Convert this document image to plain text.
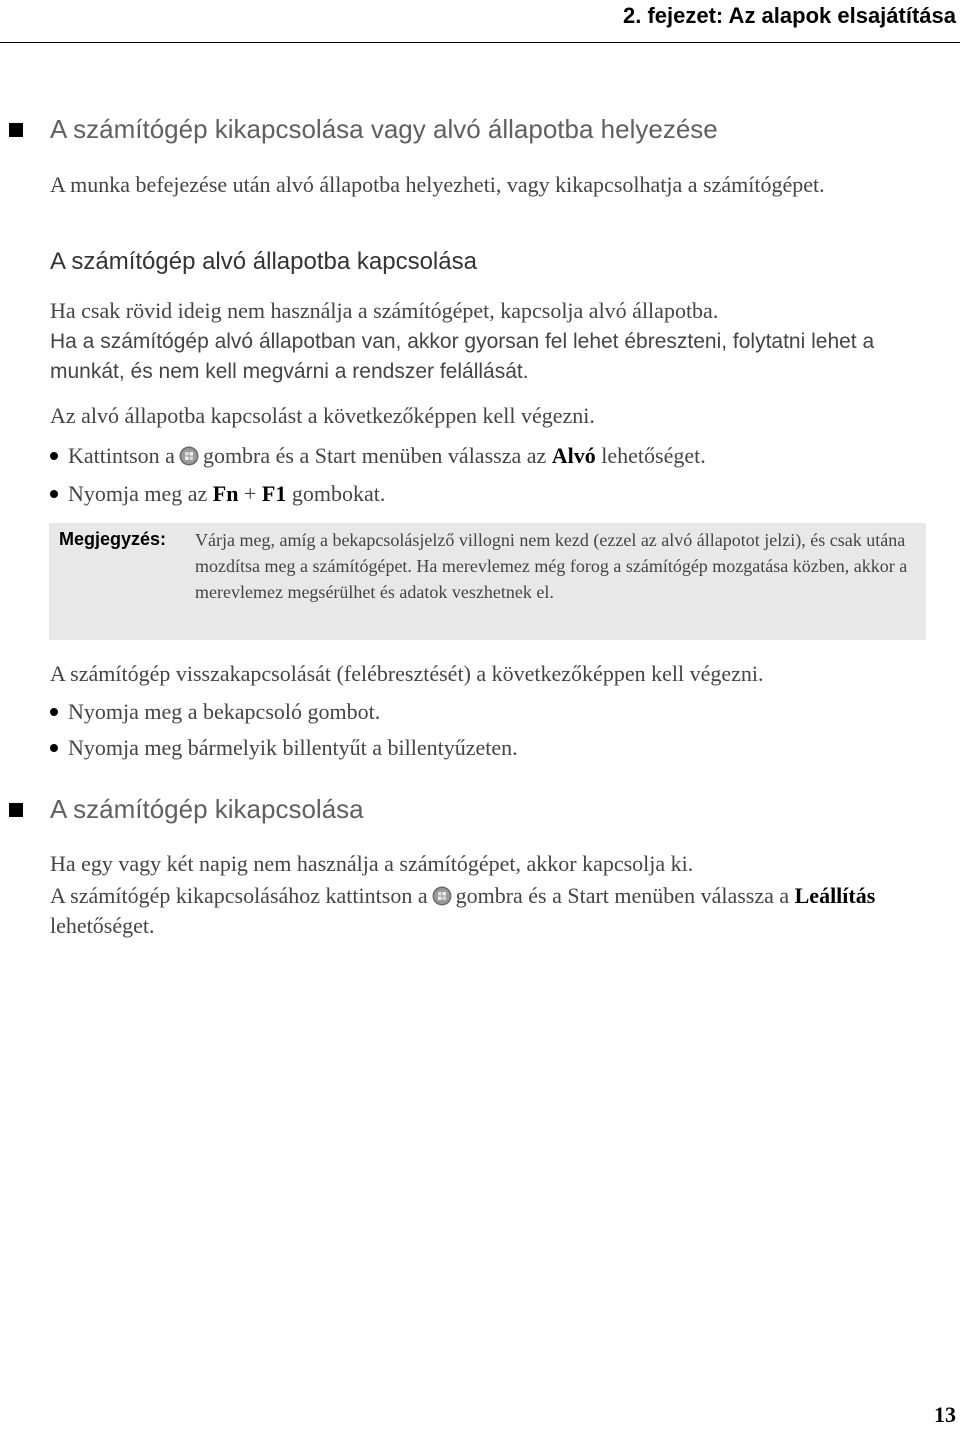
2. fejezet: Az alapok elsajátítása
A számítógép kikapcsolása vagy alvó állapotba helyezése

A munka befejezése után alvó állapotba helyezheti, vagy kikapcsolhatja a számítógépet.

A számítógép alvó állapotba kapcsolása

Ha csak rövid ideig nem használja a számítógépet, kapcsolja alvó állapotba.

Ha a számítógép alvó állapotban van, akkor gyorsan fel lehet ébreszteni, folytatni lehet a munkát, és nem kell megvárni a rendszer felállását.

Az alvó állapotba kapcsolást a következőképpen kell végezni.

Kattintson a gombra és a Start menüben válassza az Alvó lehetőséget.
Nyomja meg az Fn + F1 gombokat.
Megjegyzés: Várja meg, amíg a bekapcsolásjelző villogni nem kezd (ezzel az alvó állapotot jelzi), és csak utána mozdítsa meg a számítógépet. Ha merevlemez még forog a számítógép mozgatása közben, akkor a merevlemez megsérülhet és adatok veszhetnek el.

A számítógép visszakapcsolását (felébresztését) a következőképpen kell végezni.

Nyomja meg a bekapcsoló gombot.
Nyomja meg bármelyik billentyűt a billentyűzeten.
A számítógép kikapcsolása

Ha egy vagy két napig nem használja a számítógépet, akkor kapcsolja ki.

A számítógép kikapcsolásához kattintson a gombra és a Start menüben válassza a Leállítás lehetőséget.

13
